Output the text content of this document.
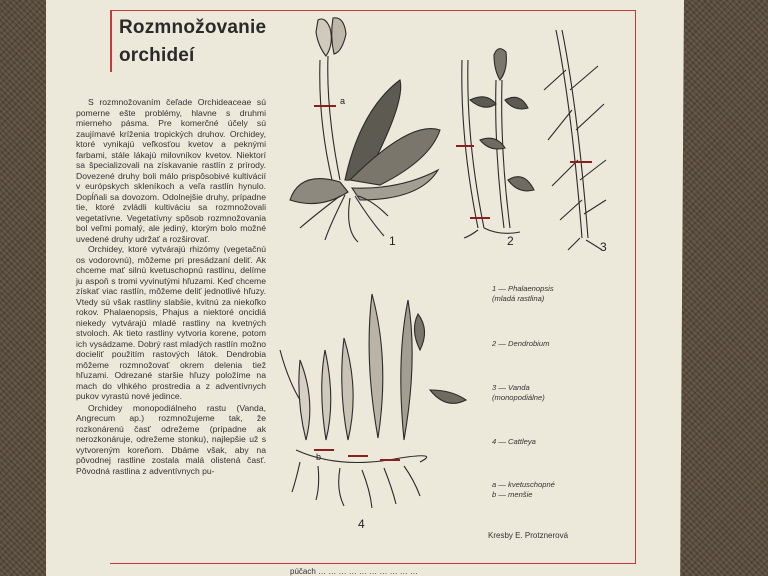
Rozmnožovanie
orchideí

S rozmnožovaním čeľade Orchideaceae sú pomerne ešte problémy, hlavne s druhmi mierneho pásma. Pre komerčné účely sú zaujímavé kríženia tropických druhov. Orchidey, ktoré vynikajú veľkosťou kvetov a peknými farbami, stále lákajú milovníkov kvetov. Niektorí sa špecializovali na získavanie rastlín z prírody. Dovezené druhy boli málo prispôsobivé kultivácií v európskych skleníkoch a veľa rastlín hynulo. Dopĺňali sa dovozom. Odolnejšie druhy, prípadne tie, ktoré zvládli kultiváciu sa rozmnožovali vegetatívne. Vegetatívny spôsob rozmnožovania bol veľmi pomalý, ale jediný, ktorým bolo možné uvedené druhy udržať a rozširovať.

Orchidey, ktoré vytvárajú rhizómy (vegetačnú os vodorovnú), môžeme pri presádzaní deliť. Ak chceme mať silnú kvetuschopnú rastlinu, delíme ju aspoň s tromi vyvinutými hľuzami. Keď chceme získať viac rastlín, môžeme deliť jednotlivé hľuzy. Vtedy sú však rastliny slabšie, kvitnú za niekoľko rokov. Phalaenopsis, Phajus a niektoré oncidiá niekedy vytvárajú mladé rastliny na kvetných stvoloch. Ak tieto rastliny vytvoria korene, potom ich vysádzame. Dobrý rast mladých rastlín možno docieliť použitím rastových látok. Dendrobia môžeme rozmnožovať okrem delenia tiež hľuzami. Odrezané staršie hľuzy položíme na mach do vlhkého prostredia a z adventívnych pukov vyrastú nové jedince.

Orchidey monopodiálneho rastu (Vanda, Angrecum ap.) rozmnožujeme tak, že rozkonárenú časť odrežeme (prípadne ak nerozkonáruje, odrežeme stonku), najlepšie už s vytvoreným koreňom. Dbáme však, aby na pôvodnej rastline zostala malá olistená časť. Pôvodná rastlina z adventívnych pu-

1	2	3
4
a
b
1 — Phalaenopsis
(mladá rastlina)
2 — Dendrobium
3 — Vanda
(monopodiálne)
4 — Cattleya
a — kvetuschopné
b — menšie
Kresby E. Protznerová
púčach … … … … … … … … … …
